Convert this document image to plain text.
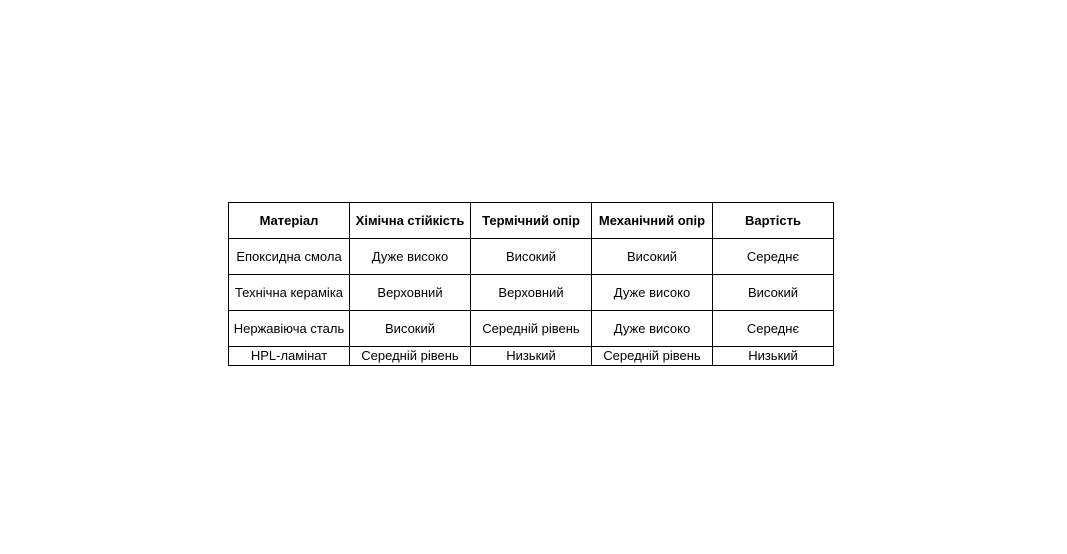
Матеріал	Хімічна стійкість	Термічний опір	Механічний опір	Вартість
Епоксидна смола	Дуже високо	Високий	Високий	Середнє
Технічна кераміка	Верховний	Верховний	Дуже високо	Високий
Нержавіюча сталь	Високий	Середній рівень	Дуже високо	Середнє
HPL-ламінат	Середній рівень	Низький	Середній рівень	Низький
